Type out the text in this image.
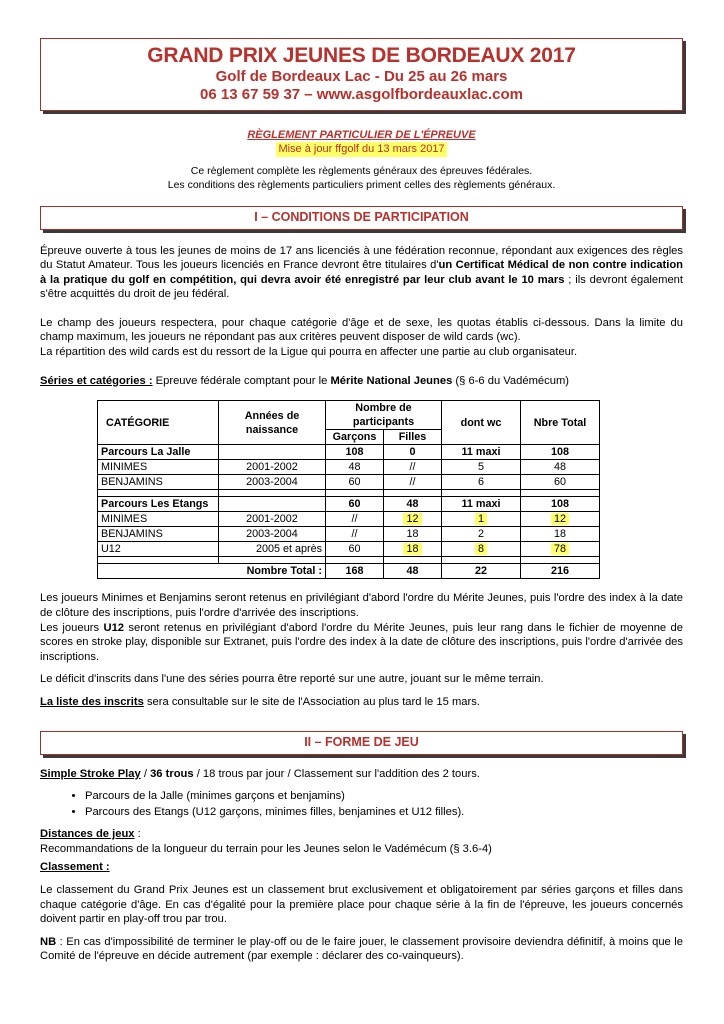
GRAND PRIX JEUNES DE BORDEAUX 2017
Golf de Bordeaux Lac - Du 25 au 26 mars
06 13 67 59 37 – www.asgolfbordeauxlac.com
RÈGLEMENT PARTICULIER DE L'ÉPREUVE
Mise à jour ffgolf du 13 mars 2017
Ce règlement complète les règlements généraux des épreuves fédérales.
Les conditions des règlements particuliers priment celles des règlements généraux.
I – CONDITIONS DE PARTICIPATION

Épreuve ouverte à tous les jeunes de moins de 17 ans licenciés à une fédération reconnue, répondant aux exigences des règles du Statut Amateur. Tous les joueurs licenciés en France devront être titulaires d'un Certificat Médical de non contre indication à la pratique du golf en compétition, qui devra avoir été enregistré par leur club avant le 10 mars ; ils devront également s'être acquittés du droit de jeu fédéral.

Le champ des joueurs respectera, pour chaque catégorie d'âge et de sexe, les quotas établis ci-dessous. Dans la limite du champ maximum, les joueurs ne répondant pas aux critères peuvent disposer de wild cards (wc).

La répartition des wild cards est du ressort de la Ligue qui pourra en affecter une partie au club organisateur.

Séries et catégories : Epreuve fédérale comptant pour le Mérite National Jeunes (§ 6-6 du Vadémécum)

CATÉGORIE	Années de naissance	Nombre de participants		dont wc	Nbre Total
		Garçons	Filles		
Parcours La Jalle		108	0	11 maxi	108
MINIMES	2001-2002	48	//	5	48
BENJAMINS	2003-2004	60	//	6	60

Parcours Les Etangs		60	48	11 maxi	108
MINIMES	2001-2002	//	12	1	12
BENJAMINS	2003-2004	//	18	2	18
U12	2005 et après	60	18	8	78

Nombre Total :		168	48	22	216

Les joueurs Minimes et Benjamins seront retenus en privilégiant d'abord l'ordre du Mérite Jeunes, puis l'ordre des index à la date de clôture des inscriptions, puis l'ordre d'arrivée des inscriptions.

Les joueurs U12 seront retenus en privilégiant d'abord l'ordre du Mérite Jeunes, puis leur rang dans le fichier de moyenne de scores en stroke play, disponible sur Extranet, puis l'ordre des index à la date de clôture des inscriptions, puis l'ordre d'arrivée des inscriptions.

Le déficit d'inscrits dans l'une des séries pourra être reporté sur une autre, jouant sur le même terrain.

La liste des inscrits sera consultable sur le site de l'Association au plus tard le 15 mars.

II – FORME DE JEU

Simple Stroke Play / 36 trous / 18 trous par jour / Classement sur l'addition des 2 tours.

• Parcours de la Jalle (minimes garçons et benjamins)
• Parcours des Etangs (U12 garçons, minimes filles, benjamines et U12 filles).

Distances de jeux :

Recommandations de la longueur du terrain pour les Jeunes selon le Vadémécum (§ 3.6-4)

Classement :

Le classement du Grand Prix Jeunes est un classement brut exclusivement et obligatoirement par séries garçons et filles dans chaque catégorie d'âge. En cas d'égalité pour la première place pour chaque série à la fin de l'épreuve, les joueurs concernés doivent partir en play-off trou par trou.

NB : En cas d'impossibilité de terminer le play-off ou de le faire jouer, le classement provisoire deviendra définitif, à moins que le Comité de l'épreuve en décide autrement (par exemple : déclarer des co-vainqueurs).
